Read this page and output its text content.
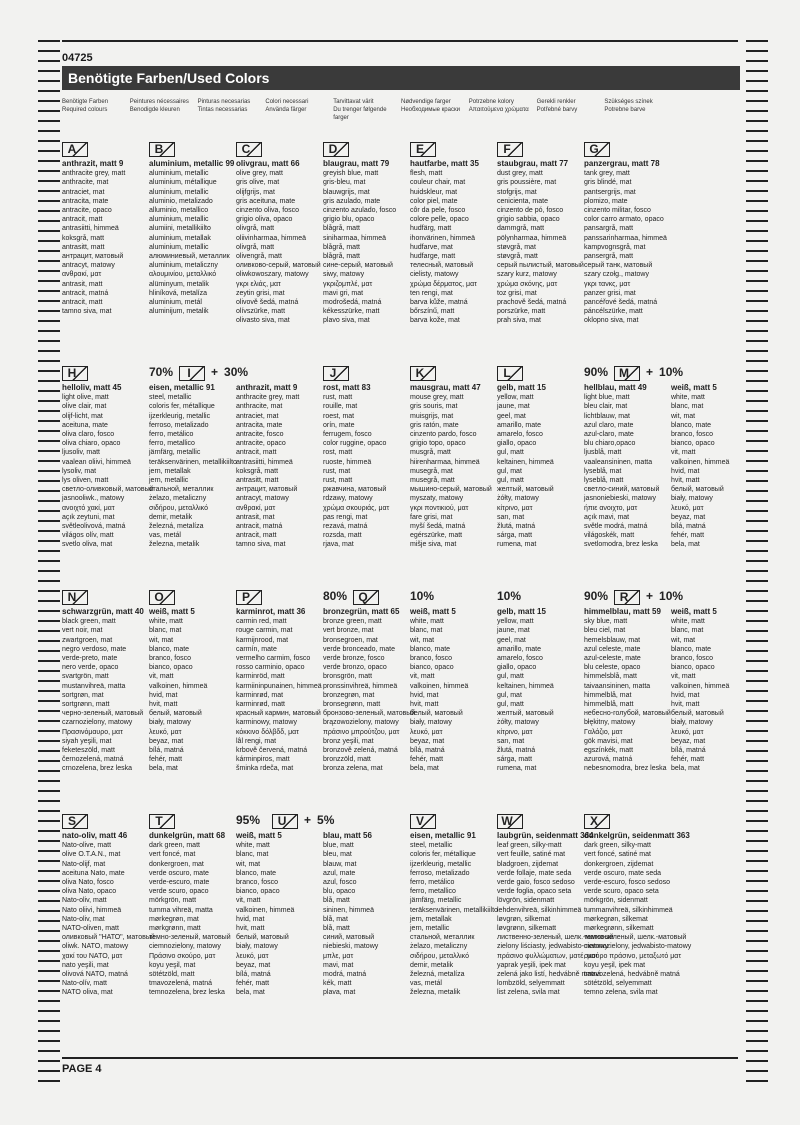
04725
Benötigte Farben/Used Colors
Benötigte Farben
Required colours
Peintures nécessaires
Benodigde kleuren
Pinturas necesarias
Tintas necessarias
Colori necessari
Använda färger
Tarvittavat värit
Du trenger følgende farger
Nødvendige farger
Необходимые краски
Potrzebne kolory
Απαιτούμενα χρώματα
Gerekli renkler
Potřebné barvy
Szükséges színek
Potrebne barve
A
anthrazit, matt 9
anthracite grey, matt
anthracite, mat
antraciet, mat
antracita, mate
antracite, opaco
antracit, matt
antrasiitti, himmeä
koksgrå, matt
antrasitt, matt
антрацит, матовый
antracyt, matowy
ανθρακί, ματ
antrasit, matt
antracit, matná
antracit, matt
tamno siva, mat
B
aluminium, metallic 99
aluminium, metallic
aluminium, métallique
aluminium, metallic
aluminio, metalizado
alluminio, metallico
aluminium, metallic
alumiini, metallikiilto
aluminium, metallak
aluminium, metallic
алюминиевый, металлик
aluminium, metaliczny
αλουμινίου, μεταλλικό
alüminyum, metalik
hliníková, metalíza
aluminium, metál
aluminijum, metalik
C
olivgrau, matt 66
olive grey, matt
gris olive, mat
olijfgrijs, mat
gris aceituna, mate
cinzento oliva, fosco
grigio oliva, opaco
olivgrå, matt
oliivinharmaa, himmeä
olivgrå, matt
olivengrå, matt
оливково-серый, матовый
oliwkowoszary, matowy
γκρι ελιάς, ματ
zeytin grisi, mat
olivově šedá, matná
olívszürke, matt
olivasto siva, mat
D
blaugrau, matt 79
greyish blue, matt
gris-bleu, mat
blauwgrijs, mat
gris azulado, mate
cinzento azulado, fosco
grigio blu, opaco
blågrå, matt
siniharmaa, himmeä
blågrå, matt
blågrå, matt
сине-серый, матовый
siwy, matowy
γκριζομπλέ, ματ
mavi gri, mat
modrošedá, matná
kékesszürke, matt
plavo siva, mat
E
hautfarbe, matt 35
flesh, matt
couleur chair, mat
huidskleur, mat
color piel, mate
côr da pele, fosco
colore pelle, opaco
hudfärg, matt
ihonvärinen, himmeä
hudfarve, mat
hudfarge, matt
телесный, матовый
cielisty, matowy
χρώμα δέρματος, ματ
ten rengi, mat
barva kůže, matná
bőrszínű, matt
barva kože, mat
F
staubgrau, matt 77
dust grey, matt
gris poussière, mat
stofgrijs, mat
cenicienta, mate
cinzento de pó, fosco
grigio sabbia, opaco
dammgrå, matt
pölynharmaa, himmeä
støvgrå, mat
støvgrå, matt
серый пылистый, матовый
szary kurz, matowy
χρώμα σκόνης, ματ
toz grisi, mat
prachově šedá, matná
porszürke, matt
prah siva, mat
G
panzergrau, matt 78
tank grey, matt
gris blindé, mat
pantsergrijs, mat
plomizo, mate
cinzento militar, fosco
color carro armato, opaco
pansargrå, matt
panssarinharmaa, himmeä
kampvognsgrå, mat
pansergrå, matt
серый танк, матовый
szary czołg., matowy
γκρι τανκς, ματ
panzer grisi, mat
pancéřové šedá, matná
páncélszürke, matt
oklopno siva, mat
H
helloliv, matt 45
light olive, matt
olive clair, mat
olijf-licht, mat
aceituna, mate
oliva claro, fosco
oliva chiaro, opaco
ljusoliv, matt
vaalean oliivi, himmeä
lysoliv, mat
lys oliven, matt
светло-оливковый, матовый
jasnooliwk., matowy
ανοιχτό χακί, ματ
açık zeytuni, mat
světleolivová, matná
világos olív, matt
svetlo oliva, mat
70%	I	+ 30%
eisen, metallic 91
steel, metallic
coloris fer, métallique
ijzerkleurig, metallic
ferroso, metalizado
ferro, metálico
ferro, metallico
järnfärg, metallic
teräksenvärinen, metallikiilto
jern, metallak
jern, metallic
стальной, металлик
żelazo, metaliczny
σιδήρου, μεταλλικό
demir, metalik
železná, metalíza
vas, metál
železna, metalik
anthrazit, matt 9
anthracite grey, matt
anthracite, mat
antraciet, mat
antracita, mate
antracite, fosco
antracite, opaco
antracit, matt
antrasiitti, himmeä
koksgrå, matt
antrasitt, matt
антрацит, матовый
antracyt, matowy
ανθρακί, ματ
antrasit, mat
antracit, matná
antracit, matt
tamno siva, mat
J
rost, matt 83
rust, matt
rouille, mat
roest, mat
orín, mate
ferrugem, fosco
color ruggine, opaco
rost, matt
ruoste, himmeä
rust, mat
rust, matt
ржавчина, матовый
rdzawy, matowy
χρώμα σκουριάς, ματ
pas rengi, mat
rezavá, matná
rozsda, matt
rjava, mat
K
mausgrau, matt 47
mouse grey, matt
gris souris, mat
muisgrijs, mat
gris ratón, mate
cinzento pardo, fosco
grigio topo, opaco
musgrå, matt
hiirenharmaa, himmeä
musegrå, mat
musegrå, matt
мышино-серый, матовый
myszaty, matowy
γκρι ποντικιού, ματ
fare grisi, mat
myší šedá, matná
egérszürke, matt
mišje siva, mat
L
gelb, matt 15
yellow, matt
jaune, mat
geel, mat
amarillo, mate
amarelo, fosco
giallo, opaco
gul, matt
keltainen, himmeä
gul, mat
gul, matt
желтый, матовый
żółty, matowy
κίτρινο, ματ
sarı, mat
žlutá, matná
sárga, matt
rumena, mat
90% M	+ 10%
hellblau, matt 49
light blue, matt
bleu clair, mat
lichtblauw, mat
azul claro, mate
azul-claro, mate
blu chiaro,opaco
ljusblå, matt
vaaleansininen, matta
lyseblå, mat
lyseblå, matt
светло-синий, матовый
jasnoniebieski, matowy
ήπιε ανοιχτο, ματ
açık mavi, mat
světle modrá, matná
világoskék, matt
svetlomodra, brez leska
weiß, matt 5
white, matt
blanc, mat
wit, mat
blanco, mate
branco, fosco
bianco, opaco
vit, matt
valkoinen, himmeä
hvid, mat
hvit, matt
белый, матовый
biały, matowy
λευκό, ματ
beyaz, mat
bílá, matná
fehér, matt
bela, mat
N
schwarzgrün, matt 40
black green, matt
vert noir, mat
zwartgroen, mat
negro verdoso, mate
verde-preto, mate
nero verde, opaco
svartgrön, matt
mustanvihreä, matta
sortgrøn, mat
sortgrønn, matt
черно-зеленый, матовый
czarnozielony, matowy
Πρασινόμαυρο, ματ
siyah yeşili, mat
feketeszöld, matt
černozelená, matná
crnozelena, brez leska
O
weiß, matt 5
white, matt
blanc, mat
wit, mat
blanco, mate
branco, fosco
bianco, opaco
vit, matt
valkoinen, himmeä
hvid, mat
hvit, matt
белый, матовый
biały, matowy
λευκό, ματ
beyaz, mat
bílá, matná
fehér, matt
bela, mat
P
karminrot, matt 36
carmin red, matt
rouge carmin, mat
karmijnrood, mat
carmín, mate
vermelho carmim, fosco
rosso carminio, opaco
karminröd, matt
karmiininpunainen, himmeä
karminrød, mat
karminrød, matt
красный кармин, матовый
karminowy, matowy
κόκκινο δόλβδδ, ματ
lâl rengi, mat
krbově červená, matná
kárminpiros, matt
šminka rdeča, mat
80% Q
bronzegrün, matt 65
bronze green, matt
vert bronze, mat
bronsegroen, mat
verde bronceado, mate
verde bronze, fosco
verde bronzo, opaco
bronsgrön, matt
pronssinvihreä, himmeä
bronzegrøn, mat
bronsegrønn, matt
бронзово-зеленый, матовый
brązowozielony, matowy
πράσινο μπρούτζου, ματ
bronz yeşili, mat
bronzově zelená, matná
bronzzöld, matt
bronza zelena, mat
10%
weiß, matt 5
white, matt
blanc, mat
wit, mat
blanco, mate
branco, fosco
bianco, opaco
vit, matt
valkoinen, himmeä
hvid, mat
hvit, matt
белый, матовый
biały, matowy
λευκό, ματ
beyaz, mat
bílá, matná
fehér, matt
bela, mat
10%
gelb, matt 15
yellow, matt
jaune, mat
geel, mat
amarillo, mate
amarelo, fosco
giallo, opaco
gul, matt
keltainen, himmeä
gul, mat
gul, matt
желтый, матовый
żółty, matowy
κίτρινο, ματ
sarı, mat
žlutá, matná
sárga, matt
rumena, mat
90% R	+ 10%
himmelblau, matt 59
sky blue, matt
bleu ciel, mat
hemelsblauw, mat
azul celeste, mate
azul-celeste, mate
blu celeste, opaco
himmelsblå, matt
taivaansininen, matta
himmelblå, mat
himmelblå, matt
небесно-голубой, матовый
błękitny, matowy
Γαλάζιο, ματ
gök mavisi, mat
egszínkék, matt
azurová, matná
nebesnomodra, brez leska
weiß, matt 5
white, matt
blanc, mat
wit, mat
blanco, mate
branco, fosco
bianco, opaco
vit, matt
valkoinen, himmeä
hvid, mat
hvit, matt
белый, матовый
biały, matowy
λευκό, ματ
beyaz, mat
bílá, matná
fehér, matt
bela, mat
S
nato-oliv, matt 46
Nato-olive, matt
olive O.T.A.N., mat
Nato-olijf, mat
aceituna Nato, mate
oliva Nato, fosco
oliva Nato, opaco
Nato-oliv, matt
Nato oliivi, himmeä
Nato-oliv, mat
NATO-oliven, matt
оливковый "НАТО", матовый
oliwk. NATO, matowy
χακί του ΝΑΤΟ, ματ
nato yeşili, mat
olivová NATO, matná
Nato-olív, matt
NATO oliva, mat
T
dunkelgrün, matt 68
dark green, matt
vert foncé, mat
donkergroen, mat
verde oscuro, mate
verde-escuro, mate
verde scuro, opaco
mörkgrön, matt
tumma vihreä, matta
mørkegrøn, mat
mørkgrønn, matt
темно-зеленый, матовый
ciemnozielony, matowy
Πράσινο σκούρο, ματ
koyu yeşil, mat
sötétzöld, matt
tmavozelená, matná
temnozelena, brez leska
95%	U	+ 5%
weiß, matt 5
white, matt
blanc, mat
wit, mat
blanco, mate
branco, fosco
bianco, opaco
vit, matt
valkoinen, himmeä
hvid, mat
hvit, matt
белый, матовый
biały, matowy
λευκό, ματ
beyaz, mat
bílá, matná
fehér, matt
bela, mat
blau, matt 56
blue, matt
bleu, mat
blauw, mat
azul, mate
azul, fosco
blu, opaco
blå, matt
sininen, himmeä
blå, mat
blå, matt
синий, матовый
niebieski, matowy
μπλε, ματ
mavi, mat
modrá, matná
kék, matt
plava, mat
V
eisen, metallic 91
steel, metallic
coloris fer, métallique
ijzerkleurig, metallic
ferroso, metalizado
ferro, metálico
ferro, metallico
järnfärg, metallic
teräksenvärinen, metallikiilto
jern, metallak
jern, metallic
стальной, металлик
żelazo, metaliczny
σιδήρου, μεταλλικό
demir, metalik
železná, metalíza
vas, metál
železna, metalik
W
laubgrün, seidenmatt 364
leaf green, silky-matt
vert feuille, satiné mat
bladgroen, zijdemat
verde follaje, mate seda
verde gaio, fosco sedoso
verde foglia, opaco seta
lövgrön, sidenmatt
lehdenvihreä, silkinhimmeä
løvgrøn, silkemat
løvgrønn, silkematt
лиственно-зеленый, шелк.-матовый
zielony liściasty, jedwabisto-matowy
πράσινο φυλλώματων, ματέ, ματ
yaprak yeşili, ipek mat
zelená jako listí, hedvábně matná
lombzöld, selyemmatt
list zelena, svila mat
X
dunkelgrün, seidenmatt 363
dark green, silky-matt
vert foncé, satiné mat
donkergroen, zijdemat
verde oscuro, mate seda
verde-escuro, fosco sedoso
verde scuro, opaco seta
mörkgrön, sidenmatt
tummanvihreä, silkinhimmeä
mørkegrøn, silkemat
mørkegrønn, silkematt
темно-зеленый, шелк.-матовый
ciemnozielony, jedwabisto-matowy
σκούρο πράσινο, μεταξωτό ματ
koyu yeşil, ipek mat
tmavozelená, hedvábně matná
sötétzöld, selyemmatt
temno zelena, svila mat
PAGE 4
